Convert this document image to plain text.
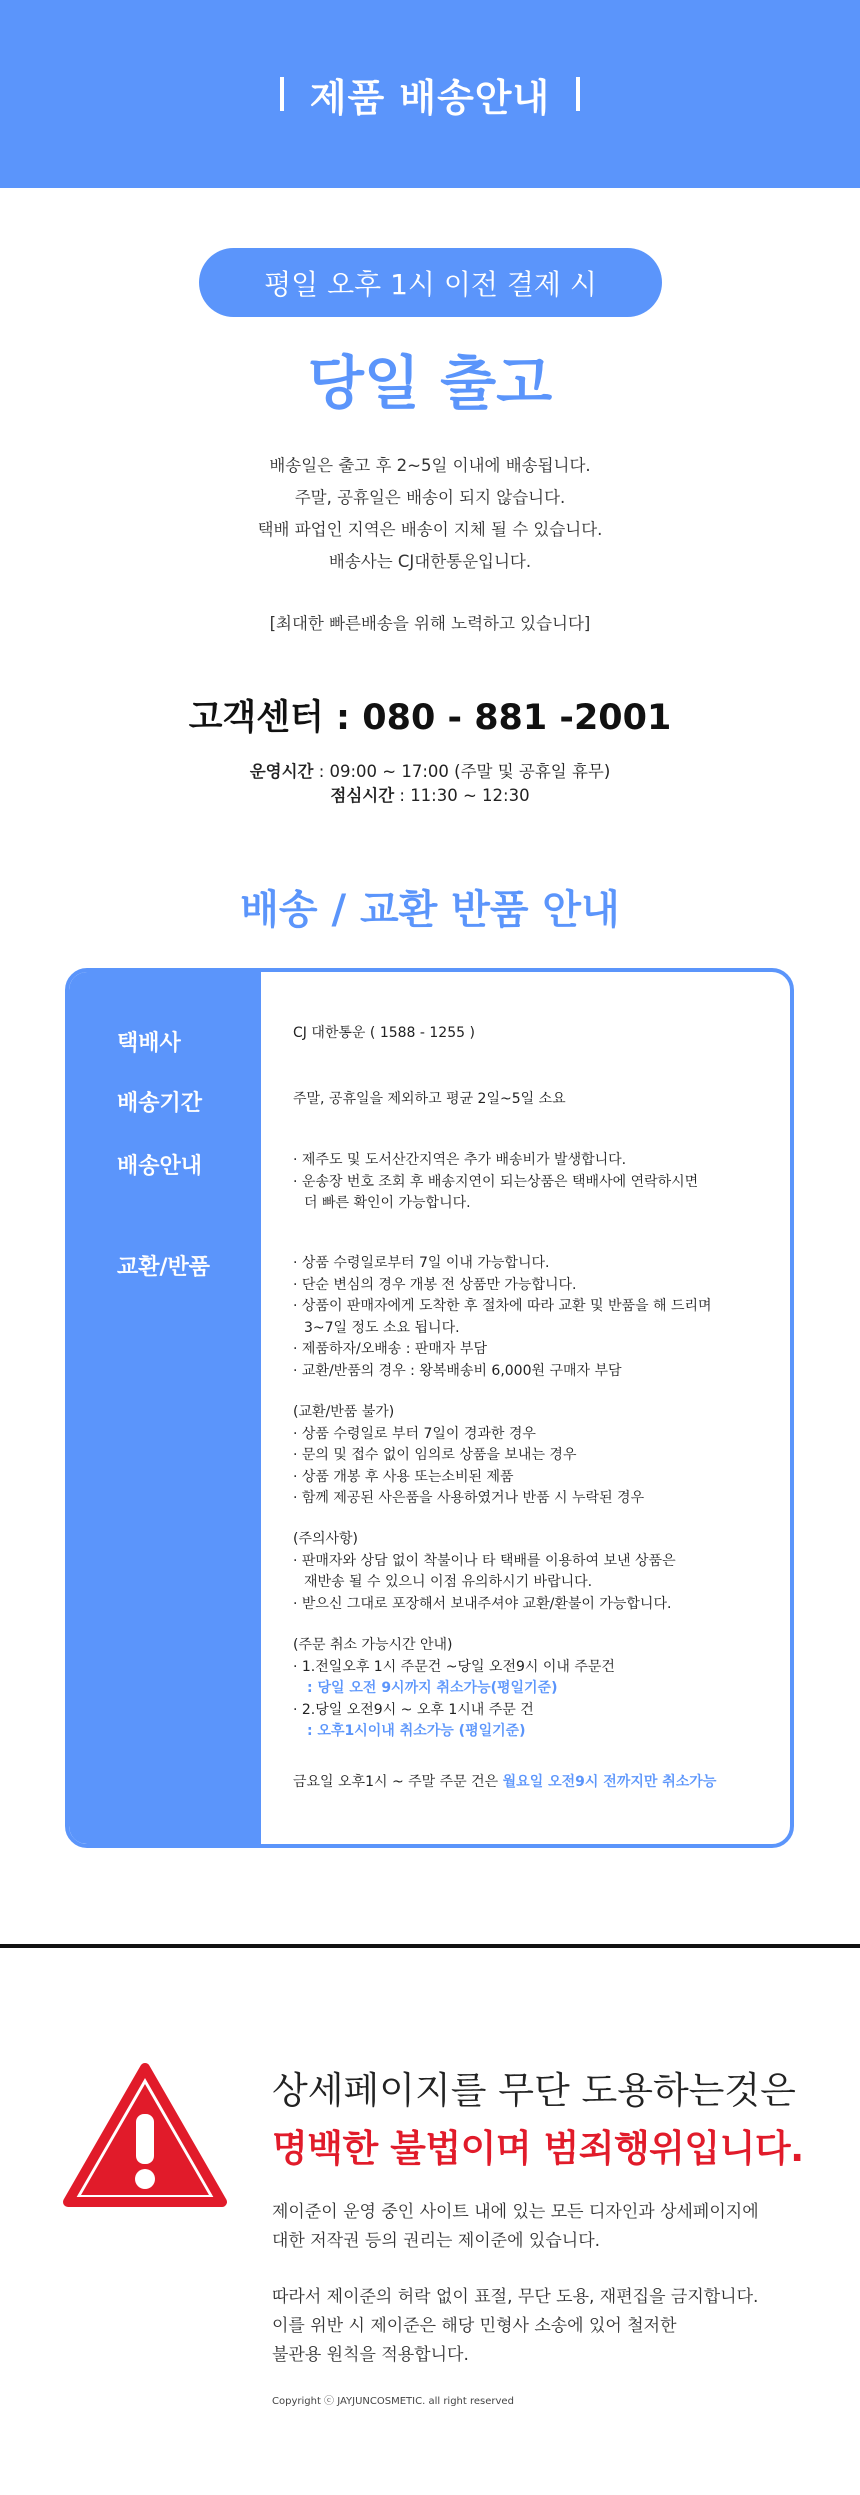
제품 배송안내
평일 오후 1시 이전 결제 시
당일 출고
배송일은 출고 후 2~5일 이내에 배송됩니다.
주말, 공휴일은 배송이 되지 않습니다.
택배 파업인 지역은 배송이 지체 될 수 있습니다.
배송사는 CJ대한통운입니다.
[최대한 빠른배송을 위해 노력하고 있습니다]
고객센터 : 080 - 881 -2001
운영시간 : 09:00 ~ 17:00 (주말 및 공휴일 휴무)
점심시간 : 11:30 ~ 12:30
배송 / 교환 반품 안내
택배사
배송기간
배송안내
교환/반품
CJ 대한통운 ( 1588 - 1255 )
주말, 공휴일을 제외하고 평균 2일~5일 소요
· 제주도 및 도서산간지역은 추가 배송비가 발생합니다.
· 운송장 번호 조회 후 배송지연이 되는상품은 택배사에 연락하시면
더 빠른 확인이 가능합니다.
· 상품 수령일로부터 7일 이내 가능합니다.
· 단순 변심의 경우 개봉 전 상품만 가능합니다.
· 상품이 판매자에게 도착한 후 절차에 따라 교환 및 반품을 해 드리며
3~7일 정도 소요 됩니다.
· 제품하자/오배송 : 판매자 부담
· 교환/반품의 경우 : 왕복배송비 6,000원 구매자 부담
(교환/반품 불가)
· 상품 수령일로 부터 7일이 경과한 경우
· 문의 및 접수 없이 임의로 상품을 보내는 경우
· 상품 개봉 후 사용 또는소비된 제품
· 함께 제공된 사은품을 사용하였거나 반품 시 누락된 경우
(주의사항)
· 판매자와 상담 없이 착불이나 타 택배를 이용하여 보낸 상품은
재반송 될 수 있으니 이점 유의하시기 바랍니다.
· 받으신 그대로 포장해서 보내주셔야 교환/환불이 가능합니다.
(주문 취소 가능시간 안내)
· 1.전일오후 1시 주문건 ~당일 오전9시 이내 주문건
: 당일 오전 9시까지 취소가능(평일기준)
· 2.당일 오전9시 ~ 오후 1시내 주문 건
: 오후1시이내 취소가능 (평일기준)
금요일 오후1시 ~ 주말 주문 건은 월요일 오전9시 전까지만 취소가능
상세페이지를 무단 도용하는것은
명백한 불법이며 범죄행위입니다.
제이준이 운영 중인 사이트 내에 있는 모든 디자인과 상세페이지에
대한 저작권 등의 권리는 제이준에 있습니다.
따라서 제이준의 허락 없이 표절, 무단 도용, 재편집을 금지합니다.
이를 위반 시 제이준은 해당 민형사 소송에 있어 철저한
불관용 원칙을 적용합니다.
Copyright ⓒ JAYJUNCOSMETIC. all right reserved
